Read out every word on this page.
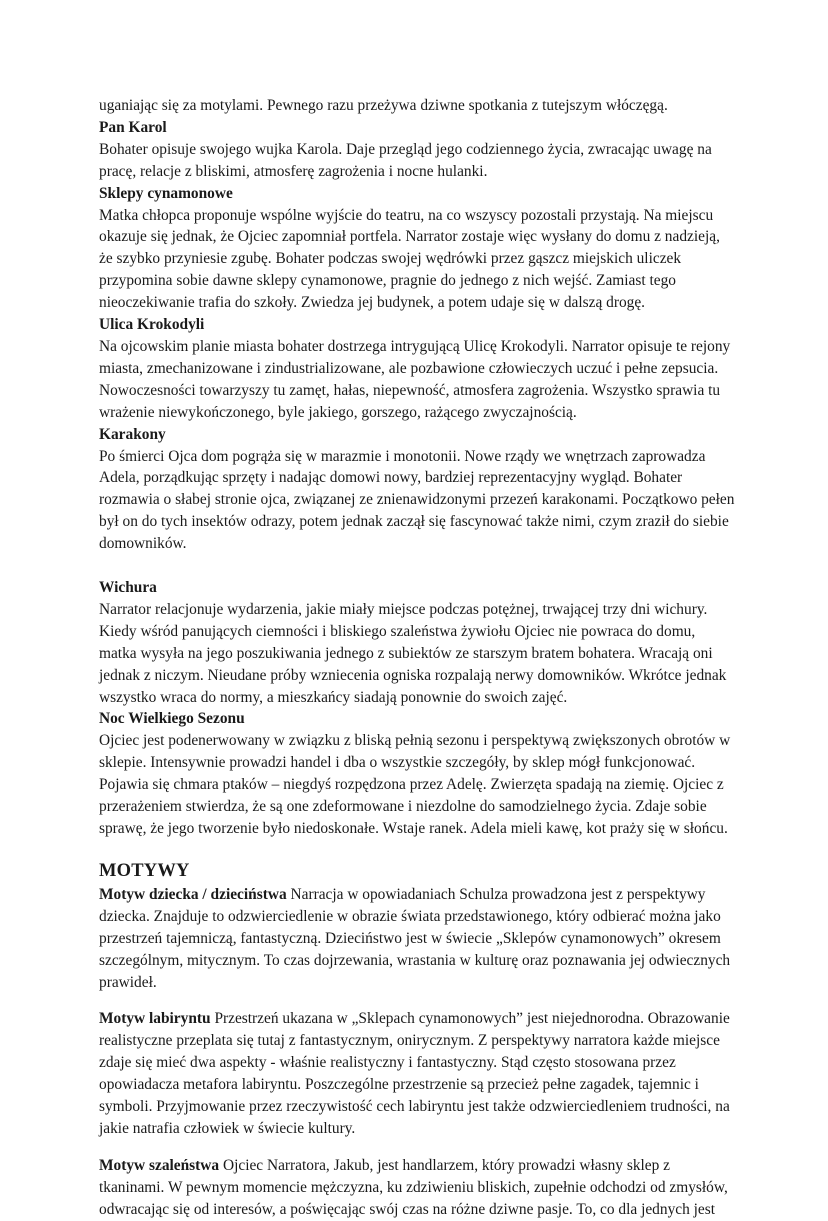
uganiając się za motylami. Pewnego razu przeżywa dziwne spotkania z tutejszym włóczęgą.

Pan Karol

Bohater opisuje swojego wujka Karola. Daje przegląd jego codziennego życia, zwracając uwagę na pracę, relacje z bliskimi, atmosferę zagrożenia i nocne hulanki.

Sklepy cynamonowe

Matka chłopca proponuje wspólne wyjście do teatru, na co wszyscy pozostali przystają. Na miejscu okazuje się jednak, że Ojciec zapomniał portfela. Narrator zostaje więc wysłany do domu z nadzieją, że szybko przyniesie zgubę. Bohater podczas swojej wędrówki przez gąszcz miejskich uliczek przypomina sobie dawne sklepy cynamonowe, pragnie do jednego z nich wejść. Zamiast tego nieoczekiwanie trafia do szkoły. Zwiedza jej budynek, a potem udaje się w dalszą drogę.

Ulica Krokodyli

Na ojcowskim planie miasta bohater dostrzega intrygującą Ulicę Krokodyli. Narrator opisuje te rejony miasta, zmechanizowane i zindustrializowane, ale pozbawione człowieczych uczuć i pełne zepsucia. Nowoczesności towarzyszy tu zamęt, hałas, niepewność, atmosfera zagrożenia. Wszystko sprawia tu wrażenie niewykończonego, byle jakiego, gorszego, rażącego zwyczajnością.

Karakony

Po śmierci Ojca dom pogrąża się w marazmie i monotonii. Nowe rządy we wnętrzach zaprowadza Adela, porządkując sprzęty i nadając domowi nowy, bardziej reprezentacyjny wygląd. Bohater rozmawia o słabej stronie ojca, związanej ze znienawidzonymi przezeń karakonami. Początkowo pełen był on do tych insektów odrazy, potem jednak zaczął się fascynować także nimi, czym zraził do siebie domowników.

Wichura

Narrator relacjonuje wydarzenia, jakie miały miejsce podczas potężnej, trwającej trzy dni wichury. Kiedy wśród panujących ciemności i bliskiego szaleństwa żywiołu Ojciec nie powraca do domu, matka wysyła na jego poszukiwania jednego z subiektów ze starszym bratem bohatera. Wracają oni jednak z niczym. Nieudane próby wzniecenia ogniska rozpalają nerwy domowników. Wkrótce jednak wszystko wraca do normy, a mieszkańcy siadają ponownie do swoich zajęć.

Noc Wielkiego Sezonu

Ojciec jest podenerwowany w związku z bliską pełnią sezonu i perspektywą zwiększonych obrotów w sklepie. Intensywnie prowadzi handel i dba o wszystkie szczegóły, by sklep mógł funkcjonować. Pojawia się chmara ptaków – niegdyś rozpędzona przez Adelę. Zwierzęta spadają na ziemię. Ojciec z przerażeniem stwierdza, że są one zdeformowane i niezdolne do samodzielnego życia. Zdaje sobie sprawę, że jego tworzenie było niedoskonałe. Wstaje ranek. Adela mieli kawę, kot praży się w słońcu.

MOTYWY

Motyw dziecka / dzieciństwa Narracja w opowiadaniach Schulza prowadzona jest z perspektywy dziecka. Znajduje to odzwierciedlenie w obrazie świata przedstawionego, który odbierać można jako przestrzeń tajemniczą, fantastyczną. Dzieciństwo jest w świecie „Sklepów cynamonowych” okresem szczególnym, mitycznym. To czas dojrzewania, wrastania w kulturę oraz poznawania jej odwiecznych prawideł.

Motyw labiryntu Przestrzeń ukazana w „Sklepach cynamonowych” jest niejednorodna. Obrazowanie realistyczne przeplata się tutaj z fantastycznym, onirycznym. Z perspektywy narratora każde miejsce zdaje się mieć dwa aspekty - właśnie realistyczny i fantastyczny. Stąd często stosowana przez opowiadacza metafora labiryntu. Poszczególne przestrzenie są przecież pełne zagadek, tajemnic i symboli. Przyjmowanie przez rzeczywistość cech labiryntu jest także odzwierciedleniem trudności, na jakie natrafia człowiek w świecie kultury.

Motyw szaleństwa Ojciec Narratora, Jakub, jest handlarzem, który prowadzi własny sklep z tkaninami. W pewnym momencie mężczyzna, ku zdziwieniu bliskich, zupełnie odchodzi od zmysłów, odwracając się od interesów, a poświęcając swój czas na różne dziwne pasje. To, co dla jednych jest
